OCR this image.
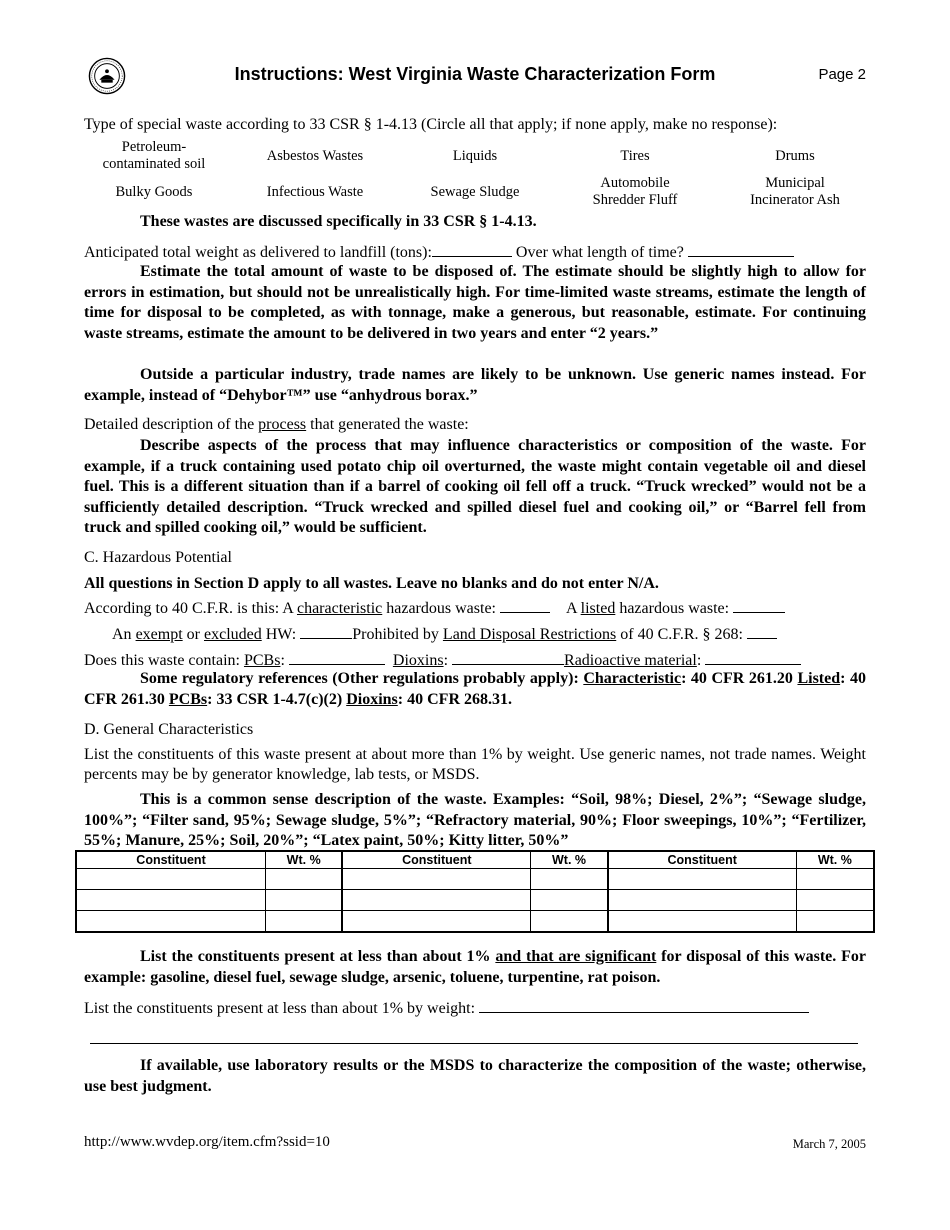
Instructions: West Virginia Waste Characterization Form	Page 2
Type of special waste according to 33 CSR § 1-4.13 (Circle all that apply; if none apply, make no response):
Petroleum-
contaminated soil	Asbestos Wastes	Liquids	Tires	Drums
Bulky Goods	Infectious Waste	Sewage Sludge
Automobile
Shredder Fluff
Municipal
Incinerator Ash
These wastes are discussed specifically in 33 CSR § 1-4.13.
Anticipated total weight as delivered to landfill (tons):	Over what length of time?
Estimate the total amount of waste to be disposed of. The estimate should be slightly high to allow for errors in estimation, but should not be unrealistically high. For time-limited waste streams, estimate the length of time for disposal to be completed, as with tonnage, make a generous, but reasonable, estimate. For continuing waste streams, estimate the amount to be delivered in two years and enter “2 years.”
Outside a particular industry, trade names are likely to be unknown. Use generic names instead. For example, instead of “Dehybor™” use “anhydrous borax.”
Detailed description of the process that generated the waste:
Describe aspects of the process that may influence characteristics or composition of the waste. For example, if a truck containing used potato chip oil overturned, the waste might contain vegetable oil and diesel fuel. This is a different situation than if a barrel of cooking oil fell off a truck. “Truck wrecked” would not be a sufficiently detailed description. “Truck wrecked and spilled diesel fuel and cooking oil,” or “Barrel fell from truck and spilled cooking oil,” would be sufficient.
C. Hazardous Potential
All questions in Section D apply to all wastes. Leave no blanks and do not enter N/A.
According to 40 C.F.R. is this: A characteristic hazardous waste:	A listed hazardous waste:
An exempt or excluded HW:	Prohibited by Land Disposal Restrictions of 40 C.F.R. § 268:
Does this waste contain: PCBs:	Dioxins:	Radioactive material:
Some regulatory references (Other regulations probably apply): Characteristic: 40 CFR 261.20 Listed: 40 CFR 261.30 PCBs: 33 CSR 1-4.7(c)(2) Dioxins: 40 CFR 268.31.
D. General Characteristics
List the constituents of this waste present at about more than 1% by weight. Use generic names, not trade names. Weight percents may be by generator knowledge, lab tests, or MSDS.
This is a common sense description of the waste. Examples: “Soil, 98%; Diesel, 2%”; “Sewage sludge, 100%”; “Filter sand, 95%; Sewage sludge, 5%”; “Refractory material, 90%; Floor sweepings, 10%”; “Fertilizer, 55%; Manure, 25%; Soil, 20%”; “Latex paint, 50%; Kitty litter, 50%”
Constituent	Wt. %	Constituent	Wt. %	Constituent	Wt. %

List the constituents present at less than about 1% and that are significant for disposal of this waste. For example: gasoline, diesel fuel, sewage sludge, arsenic, toluene, turpentine, rat poison.
List the constituents present at less than about 1% by weight:
If available, use laboratory results or the MSDS to characterize the composition of the waste; otherwise, use best judgment.
http://www.wvdep.org/item.cfm?ssid=10	March 7, 2005
